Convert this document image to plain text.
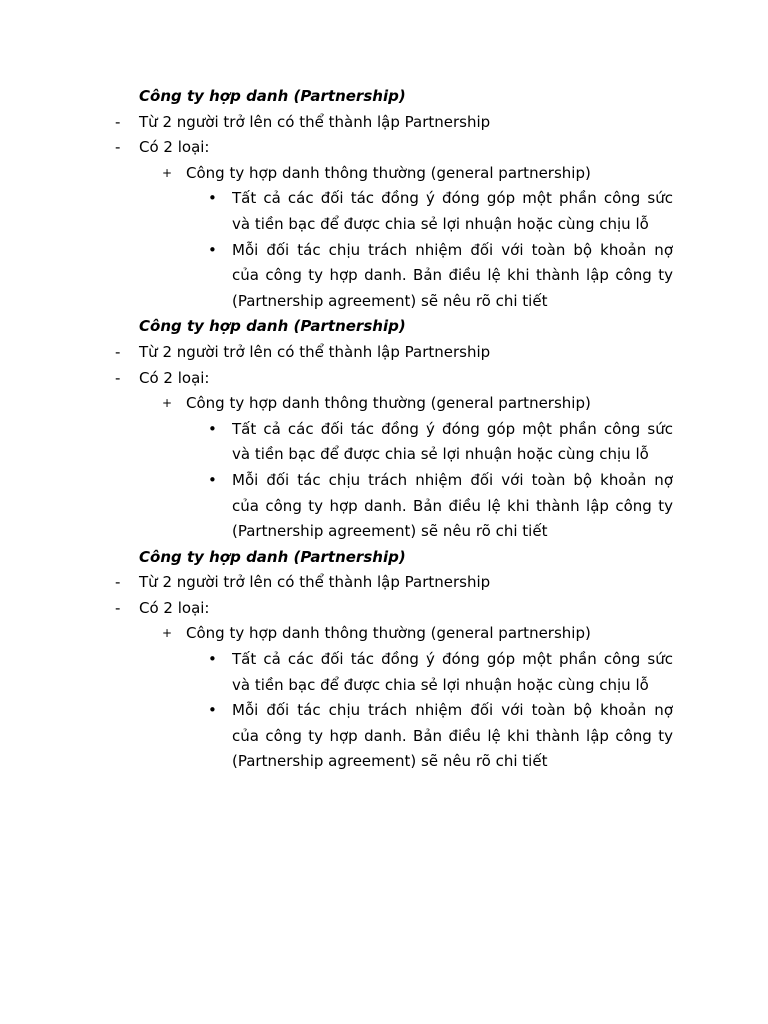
Công ty hợp danh (Partnership)
- Từ 2 người trở lên có thể thành lập Partnership
- Có 2 loại:
+ Công ty hợp danh thông thường (general partnership)
• Tất cả các đối tác đồng ý đóng góp một phần công sức
và tiền bạc để được chia sẻ lợi nhuận hoặc cùng chịu lỗ
• Mỗi đối tác chịu trách nhiệm đối với toàn bộ khoản nợ
của công ty hợp danh. Bản điều lệ khi thành lập công ty
(Partnership agreement) sẽ nêu rõ chi tiết
Công ty hợp danh (Partnership)
- Từ 2 người trở lên có thể thành lập Partnership
- Có 2 loại:
+ Công ty hợp danh thông thường (general partnership)
• Tất cả các đối tác đồng ý đóng góp một phần công sức
và tiền bạc để được chia sẻ lợi nhuận hoặc cùng chịu lỗ
• Mỗi đối tác chịu trách nhiệm đối với toàn bộ khoản nợ
của công ty hợp danh. Bản điều lệ khi thành lập công ty
(Partnership agreement) sẽ nêu rõ chi tiết
Công ty hợp danh (Partnership)
- Từ 2 người trở lên có thể thành lập Partnership
- Có 2 loại:
+ Công ty hợp danh thông thường (general partnership)
• Tất cả các đối tác đồng ý đóng góp một phần công sức
và tiền bạc để được chia sẻ lợi nhuận hoặc cùng chịu lỗ
• Mỗi đối tác chịu trách nhiệm đối với toàn bộ khoản nợ
của công ty hợp danh. Bản điều lệ khi thành lập công ty
(Partnership agreement) sẽ nêu rõ chi tiết
